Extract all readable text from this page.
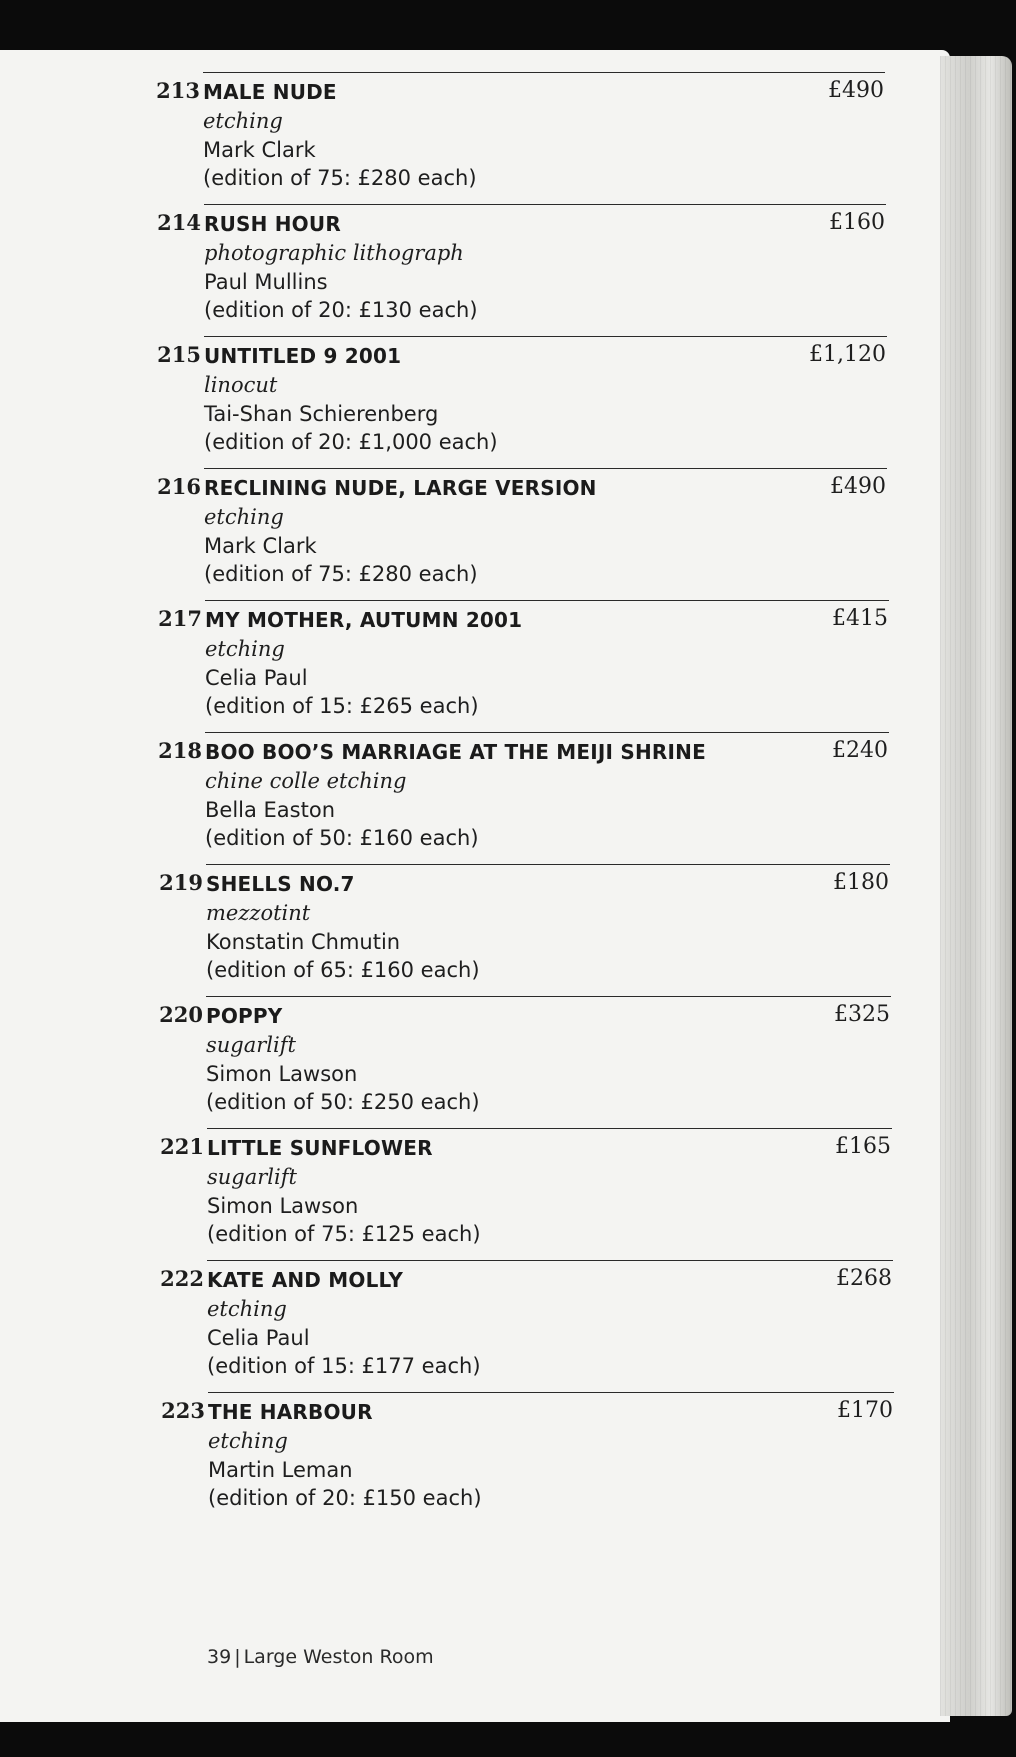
213 MALE NUDE
etching
Mark Clark
(edition of 75: £280 each)
£490
214 RUSH HOUR
photographic lithograph
Paul Mullins
(edition of 20: £130 each)
£160
215 UNTITLED 9 2001
linocut
Tai-Shan Schierenberg
(edition of 20: £1,000 each)
£1,120
216 RECLINING NUDE, LARGE VERSION
etching
Mark Clark
(edition of 75: £280 each)
£490
217 MY MOTHER, AUTUMN 2001
etching
Celia Paul
(edition of 15: £265 each)
£415
218 BOO BOO’S MARRIAGE AT THE MEIJI SHRINE
chine colle etching
Bella Easton
(edition of 50: £160 each)
£240
219 SHELLS NO.7
mezzotint
Konstatin Chmutin
(edition of 65: £160 each)
£180
220 POPPY
sugarlift
Simon Lawson
(edition of 50: £250 each)
£325
221 LITTLE SUNFLOWER
sugarlift
Simon Lawson
(edition of 75: £125 each)
£165
222 KATE AND MOLLY
etching
Celia Paul
(edition of 15: £177 each)
£268
223 THE HARBOUR
etching
Martin Leman
(edition of 20: £150 each)
£170
39 | Large Weston Room
